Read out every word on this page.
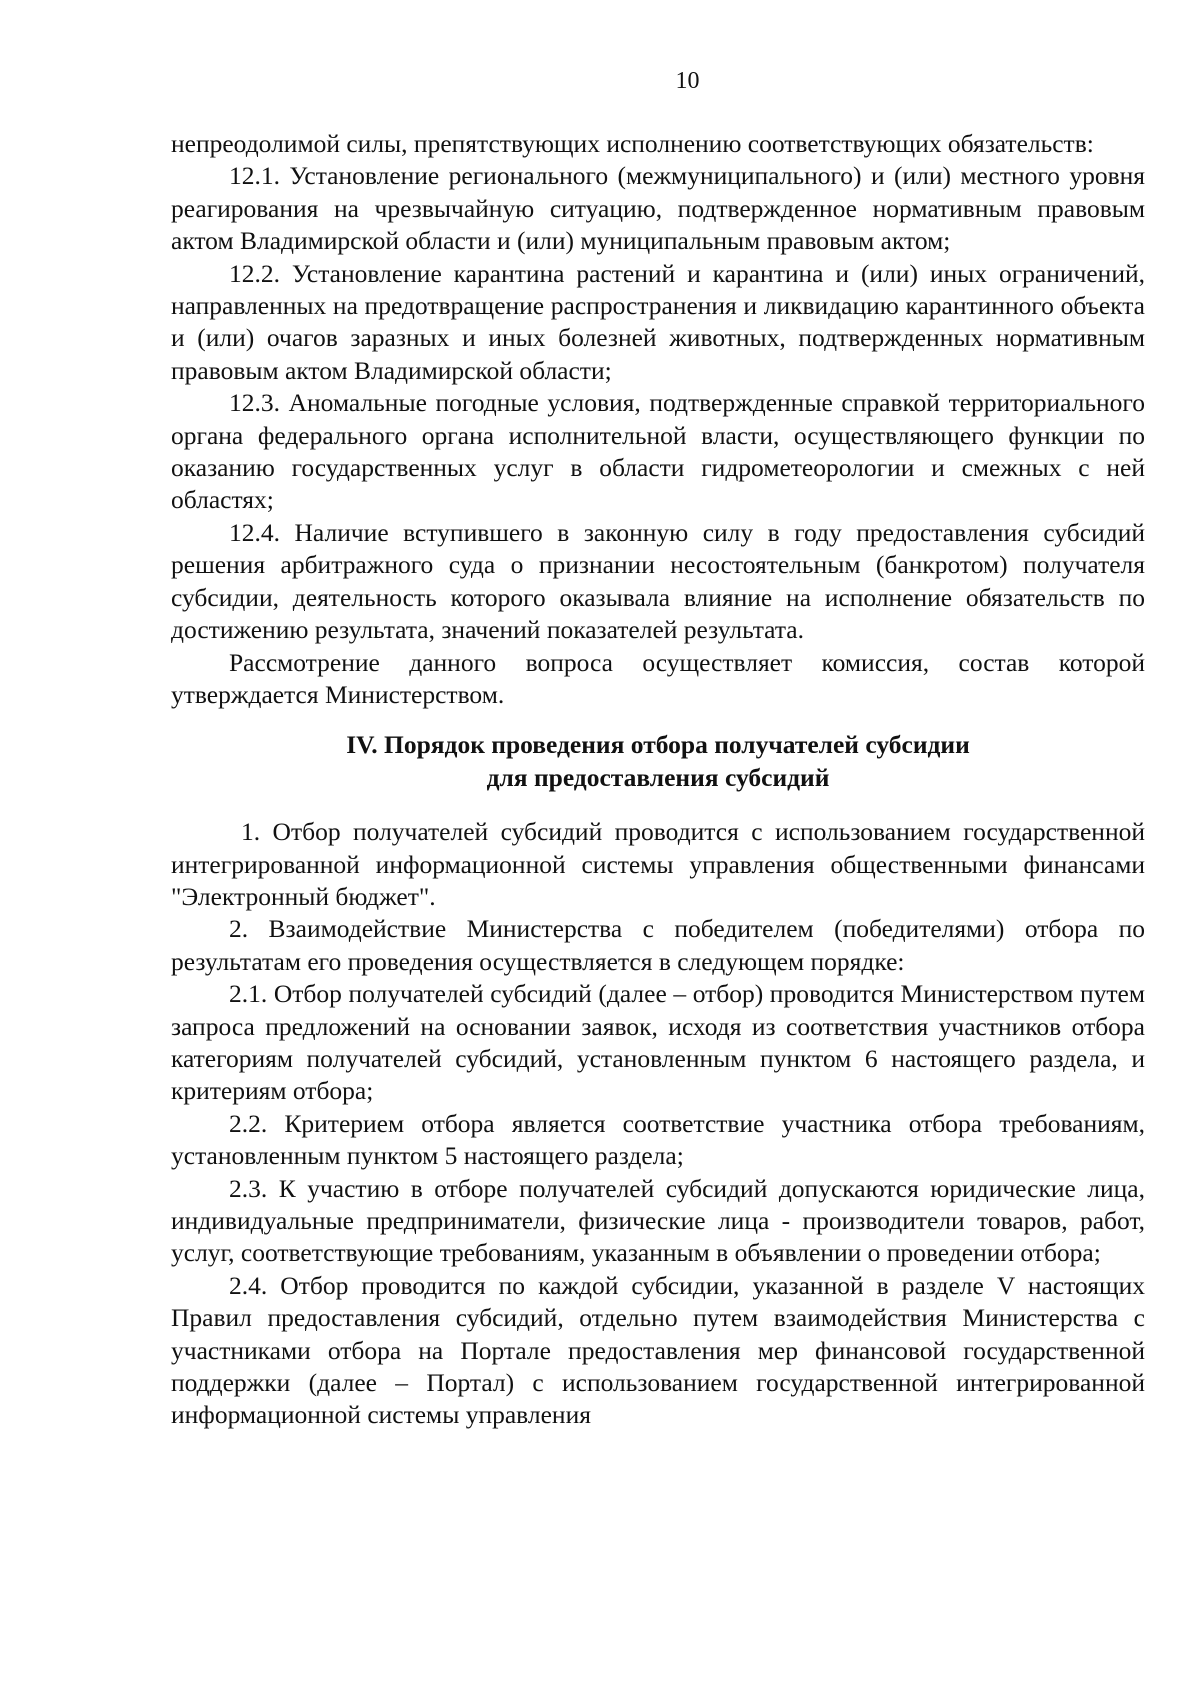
10

непреодолимой силы, препятствующих исполнению соответствующих обязательств:

12.1. Установление регионального (межмуниципального) и (или) местного уровня реагирования на чрезвычайную ситуацию, подтвержденное нормативным правовым актом Владимирской области и (или) муниципальным правовым актом;

12.2. Установление карантина растений и карантина и (или) иных ограничений, направленных на предотвращение распространения и ликвидацию карантинного объекта и (или) очагов заразных и иных болезней животных, подтвержденных нормативным правовым актом Владимирской области;

12.3. Аномальные погодные условия, подтвержденные справкой территориального органа федерального органа исполнительной власти, осуществляющего функции по оказанию государственных услуг в области гидрометеорологии и смежных с ней областях;

12.4. Наличие вступившего в законную силу в году предоставления субсидий решения арбитражного суда о признании несостоятельным (банкротом) получателя субсидии, деятельность которого оказывала влияние на исполнение обязательств по достижению результата, значений показателей результата.

Рассмотрение данного вопроса осуществляет комиссия, состав которой утверждается Министерством.

IV. Порядок проведения отбора получателей субсидии
для предоставления субсидий

1. Отбор получателей субсидий проводится с использованием государственной интегрированной информационной системы управления общественными финансами "Электронный бюджет".

2. Взаимодействие Министерства с победителем (победителями) отбора по результатам его проведения осуществляется в следующем порядке:

2.1. Отбор получателей субсидий (далее – отбор) проводится Министерством путем запроса предложений на основании заявок, исходя из соответствия участников отбора категориям получателей субсидий, установленным пунктом 6 настоящего раздела, и критериям отбора;

2.2. Критерием отбора является соответствие участника отбора требованиям, установленным пунктом 5 настоящего раздела;

2.3. К участию в отборе получателей субсидий допускаются юридические лица, индивидуальные предприниматели, физические лица - производители товаров, работ, услуг, соответствующие требованиям, указанным в объявлении о проведении отбора;

2.4. Отбор проводится по каждой субсидии, указанной в разделе V настоящих Правил предоставления субсидий, отдельно путем взаимодействия Министерства с участниками отбора на Портале предоставления мер финансовой государственной поддержки (далее – Портал) с использованием государственной интегрированной информационной системы управления
